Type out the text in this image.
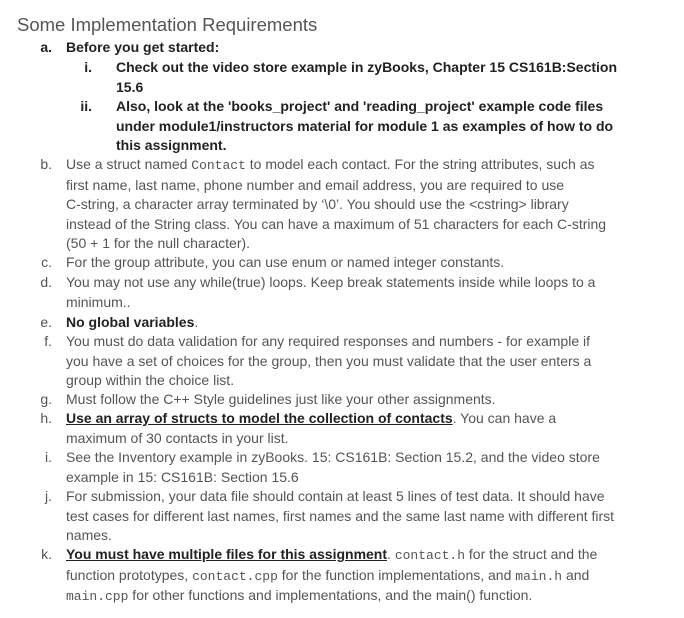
Some Implementation Requirements
a. Before you get started:
i. Check out the video store example in zyBooks, Chapter 15 CS161B:Section
15.6
ii. Also, look at the 'books_project' and 'reading_project' example code files
under module1/instructors material for module 1 as examples of how to do
this assignment.
b. Use a struct named Contact to model each contact. For the string attributes, such as
first name, last name, phone number and email address, you are required to use
C-string, a character array terminated by ‘\0’. You should use the <cstring> library
instead of the String class. You can have a maximum of 51 characters for each C-string
(50 + 1 for the null character).
c. For the group attribute, you can use enum or named integer constants.
d. You may not use any while(true) loops. Keep break statements inside while loops to a
minimum..
e. No global variables.
f. You must do data validation for any required responses and numbers - for example if
you have a set of choices for the group, then you must validate that the user enters a
group within the choice list.
g. Must follow the C++ Style guidelines just like your other assignments.
h. Use an array of structs to model the collection of contacts. You can have a
maximum of 30 contacts in your list.
i. See the Inventory example in zyBooks. 15: CS161B: Section 15.2, and the video store
example in 15: CS161B: Section 15.6
j. For submission, your data file should contain at least 5 lines of test data. It should have
test cases for different last names, first names and the same last name with different first
names.
k. You must have multiple files for this assignment. contact.h for the struct and the
function prototypes, contact.cpp for the function implementations, and main.h and
main.cpp for other functions and implementations, and the main() function.
